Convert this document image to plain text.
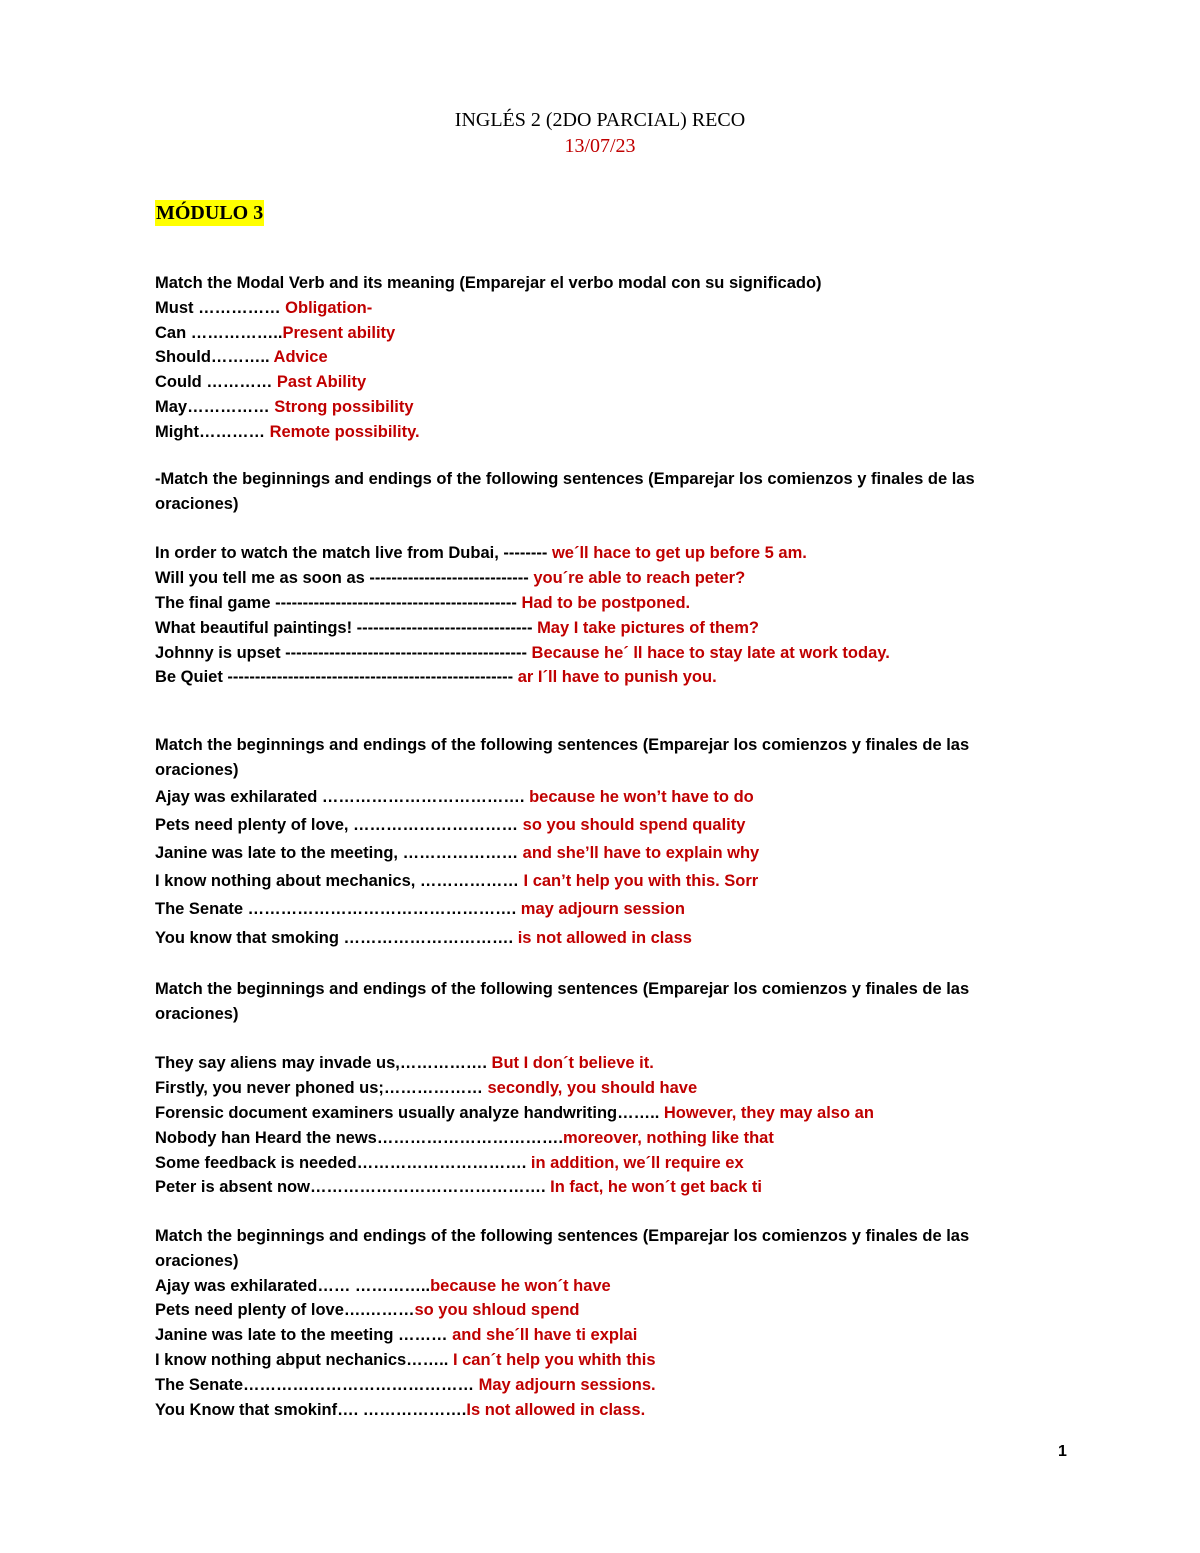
INGLÉS 2 (2DO PARCIAL) RECO
13/07/23
MÓDULO 3
Match the Modal Verb and its meaning (Emparejar el verbo modal con su significado)
Must …………… Obligation-
Can ……………..Present ability
Should……….. Advice
Could ………… Past Ability
May…………… Strong possibility
Might………… Remote possibility.
-Match the beginnings and endings of the following sentences (Emparejar los comienzos y finales de las oraciones)
In order to watch the match live from Dubai, -------- we´ll hace to get up before 5 am.
Will you tell me as soon as ----------------------------- you´re able to reach peter?
The final game -------------------------------------------- Had to be postponed.
What beautiful paintings! -------------------------------- May I take pictures of them?
Johnny is upset -------------------------------------------- Because he´ ll hace to stay late at work today.
Be Quiet ---------------------------------------------------- ar I´ll have to punish you.
Match the beginnings and endings of the following sentences (Emparejar los comienzos y finales de las oraciones)
Ajay was exhilarated ………………………………. because he won’t have to do
Pets need plenty of love, ………………………… so you should spend quality
Janine was late to the meeting, ………………… and she’ll have to explain why
I know nothing about mechanics, ……………… I can’t help you with this. Sorr
The Senate …………………………………………. may adjourn session
You know that smoking …………………………. is not allowed in class
Match the beginnings and endings of the following sentences (Emparejar los comienzos y finales de las oraciones)
They say aliens may invade us,……………. But I don´t believe it.
Firstly, you never phoned us;……………… secondly, you should have
Forensic document examiners usually analyze handwriting…….. However, they may also an
Nobody han Heard the news…………………………….moreover, nothing like that
Some feedback is needed…………………………. in addition, we´ll require ex
Peter is absent now……………………………………. In fact, he won´t get back ti
Match the beginnings and endings of the following sentences (Emparejar los comienzos y finales de las oraciones)
Ajay was exhilarated…… …………..because he won´t have
Pets need plenty of love….………so you shloud spend
Janine was late to the meeting ……… and she´ll have ti explai
I know nothing abput nechanics…….. I can´t help you whith this
The Senate…………………………………… May adjourn sessions.
You Know that smokinf…. ……………….Is not allowed in class.
1
